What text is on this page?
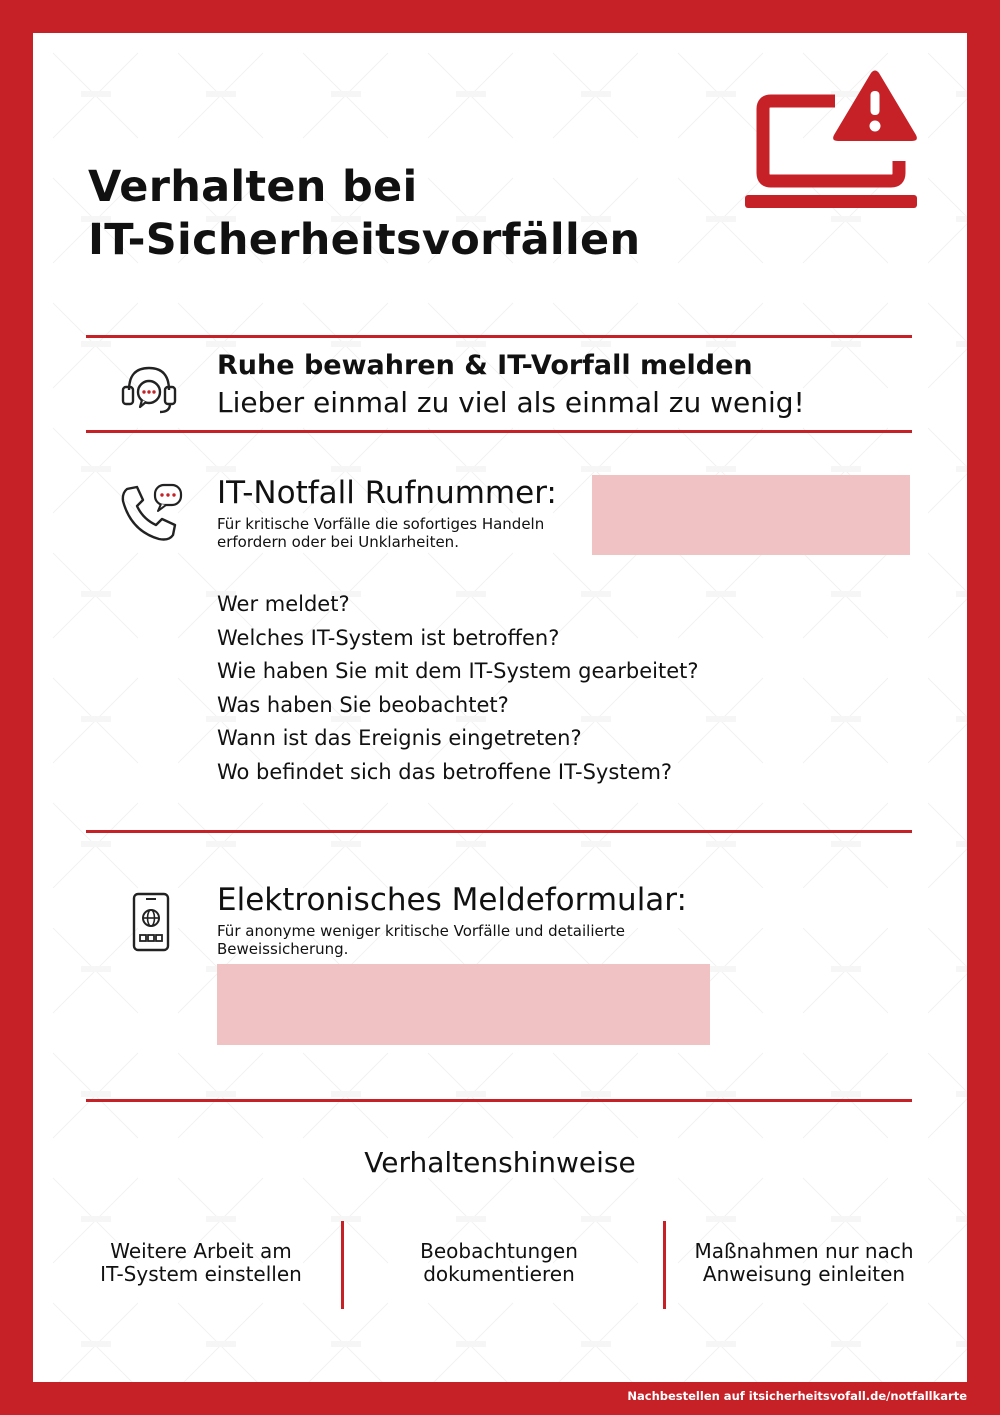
Verhalten bei
IT-Sicherheitsvorfällen
Ruhe bewahren & IT-Vorfall melden
Lieber einmal zu viel als einmal zu wenig!
IT-Notfall Rufnummer:
Für kritische Vorfälle die sofortiges Handeln
erfordern oder bei Unklarheiten.
Wer meldet?
Welches IT-System ist betroffen?
Wie haben Sie mit dem IT-System gearbeitet?
Was haben Sie beobachtet?
Wann ist das Ereignis eingetreten?
Wo befindet sich das betroffene IT-System?
Elektronisches Meldeformular:
Für anonyme weniger kritische Vorfälle und detailierte
Beweissicherung.
Verhaltenshinweise
Weitere Arbeit am
IT-System einstellen
Beobachtungen
dokumentieren
Maßnahmen nur nach
Anweisung einleiten
Nachbestellen auf itsicherheitsvofall.de/notfallkarte
